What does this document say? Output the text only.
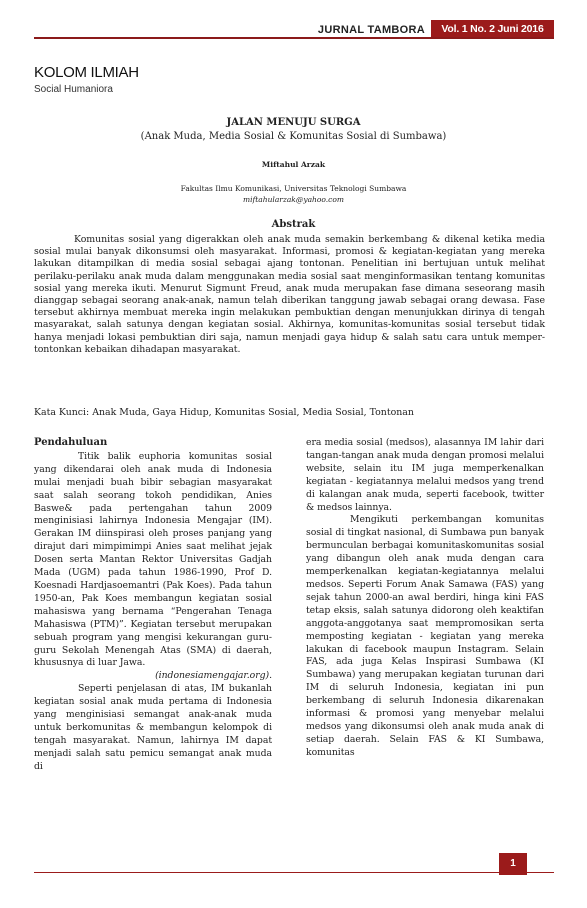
JURNAL TAMBORA	Vol. 1 No. 2 Juni 2016
KOLOM ILMIAH
Social Humaniora
JALAN MENUJU SURGA
(Anak Muda, Media Sosial & Komunitas Sosial di Sumbawa)
Miftahul Arzak
Fakultas Ilmu Komunikasi, Universitas Teknologi Sumbawa
miftahularzak@yahoo.com
Abstrak

Komunitas sosial yang digerakkan oleh anak muda semakin berkembang & dikenal ketika media sosial mulai banyak dikonsumsi oleh masyarakat. Informasi, promosi & kegiatan-kegiatan yang mereka lakukan ditampilkan di media sosial sebagai ajang tontonan. Penelitian ini bertujuan untuk melihat perilaku-perilaku anak muda dalam menggunakan media sosial saat menginformasikan tentang komunitas sosial yang mereka ikuti. Menurut Sigmunt Freud, anak muda merupakan fase dimana seseorang masih dianggap sebagai seorang anak-anak, namun telah diberikan tanggung jawab sebagai orang dewasa. Fase tersebut akhirnya membuat mereka ingin melakukan pembuktian dengan menunjukkan dirinya di tengah masyarakat, salah satunya dengan kegiatan sosial. Akhirnya, komunitas-komunitas sosial tersebut tidak hanya menjadi lokasi pembuktian diri saja, namun menjadi gaya hidup & salah satu cara untuk memper-tontonkan kebaikan dihadapan masyarakat.

Kata Kunci: Anak Muda, Gaya Hidup, Komunitas Sosial, Media Sosial, Tontonan

Pendahuluan

Titik balik euphoria komunitas sosial yang dikendarai oleh anak muda di Indonesia mulai menjadi buah bibir sebagian masyarakat saat salah seorang tokoh pendidikan, Anies Baswe& pada pertengahan tahun 2009 menginisiasi lahirnya Indonesia Mengajar (IM). Gerakan IM diinspirasi oleh proses panjang yang dirajut dari mimpimimpi Anies saat melihat jejak Dosen serta Mantan Rektor Universitas Gadjah Mada (UGM) pada tahun 1986-1990, Prof D. Koesnadi Hardjasoemantri (Pak Koes). Pada tahun 1950-an, Pak Koes membangun kegiatan sosial mahasiswa yang bernama “Pengerahan Tenaga Mahasiswa (PTM)”. Kegiatan tersebut merupakan sebuah program yang mengisi kekurangan guru-guru Sekolah Menengah Atas (SMA) di daerah, khususnya di luar Jawa.

(indonesiamengajar.org).

Seperti penjelasan di atas, IM bukanlah kegiatan sosial anak muda pertama di Indonesia yang menginisiasi semangat anak-anak muda untuk berkomunitas & membangun kelompok di tengah masyarakat. Namun, lahirnya IM dapat menjadi salah satu pemicu semangat anak muda di

era media sosial (medsos), alasannya IM lahir dari tangan-tangan anak muda dengan promosi melalui website, selain itu IM juga memperkenalkan kegiatan - kegiatannya melalui medsos yang trend di kalangan anak muda, seperti facebook, twitter & medsos lainnya.

Mengikuti perkembangan komunitas sosial di tingkat nasional, di Sumbawa pun banyak bermunculan berbagai komunitaskomunitas sosial yang dibangun oleh anak muda dengan cara memperkenalkan kegiatan-kegiatannya melalui medsos. Seperti Forum Anak Samawa (FAS) yang sejak tahun 2000-an awal berdiri, hinga kini FAS tetap eksis, salah satunya didorong oleh keaktifan anggota-anggotanya saat mempromosikan serta memposting kegiatan - kegiatan yang mereka lakukan di facebook maupun Instagram. Selain FAS, ada juga Kelas Inspirasi Sumbawa (KI Sumbawa) yang merupakan kegiatan turunan dari IM di seluruh Indonesia, kegiatan ini pun berkembang di seluruh Indonesia dikarenakan informasi & promosi yang menyebar melalui medsos yang dikonsumsi oleh anak muda anak di setiap daerah. Selain FAS & KI Sumbawa, komunitas

1
